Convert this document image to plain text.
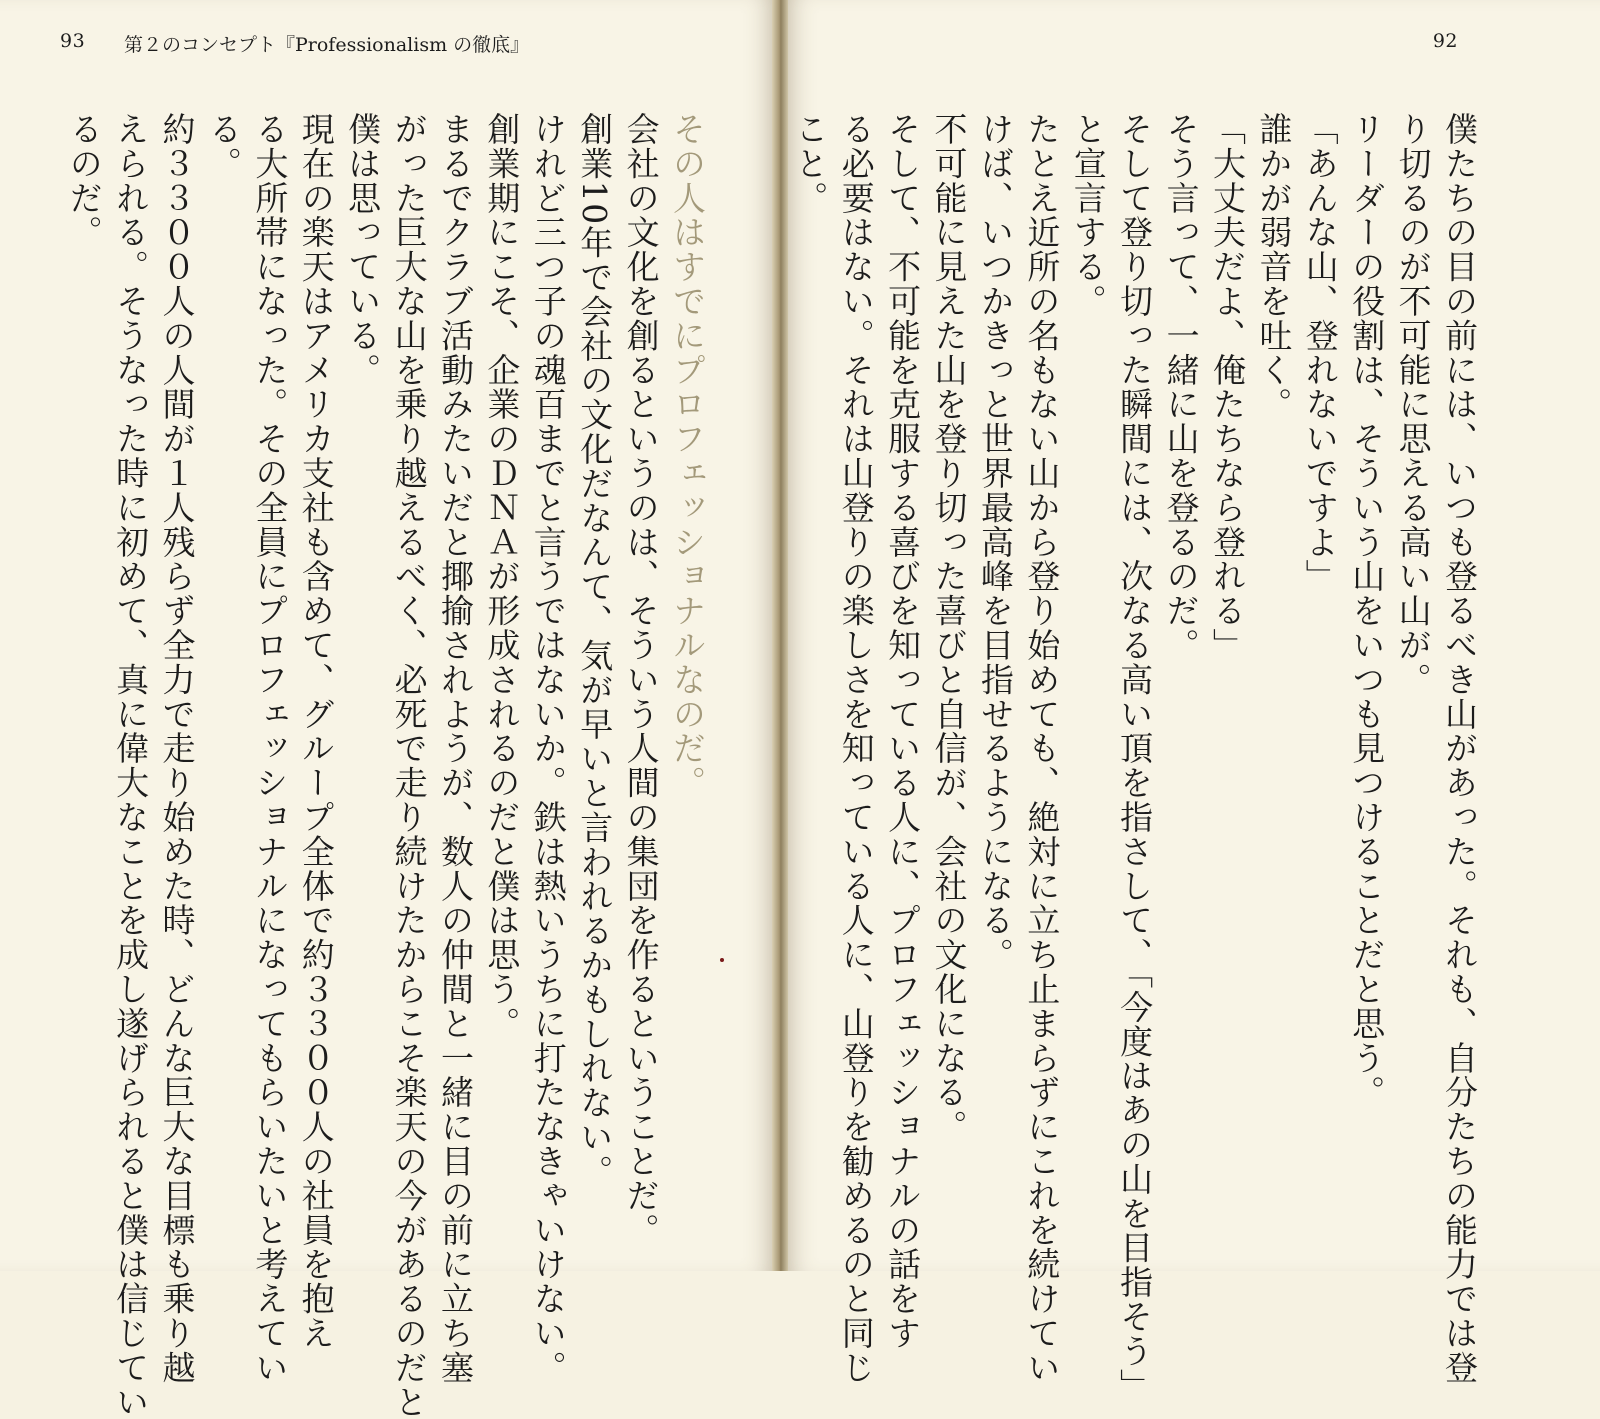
93 第２のコンセプト『Professionalism の徹底』

その人はすでにプロフェッショナルなのだ。

会社の文化を創るというのは、そういう人間の集団を作るということだ。

創業10年で会社の文化だなんて、気が早いと言われるかもしれない。

けれど三つ子の魂百までと言うではないか。鉄は熱いうちに打たなきゃいけない。

創業期にこそ、企業のＤＮＡが形成されるのだと僕は思う。

まるでクラブ活動みたいだと揶揄されようが、数人の仲間と一緒に目の前に立ち塞

がった巨大な山を乗り越えるべく、必死で走り続けたからこそ楽天の今があるのだと

僕は思っている。

現在の楽天はアメリカ支社も含めて、グループ全体で約３３００人の社員を抱え

る大所帯になった。その全員にプロフェッショナルになってもらいたいと考えてい

る。

約３３００人の人間が１人残らず全力で走り始めた時、どんな巨大な目標も乗り越

えられる。そうなった時に初めて、真に偉大なことを成し遂げられると僕は信じてい

るのだ。

92

僕たちの目の前には、いつも登るべき山があった。それも、自分たちの能力では登

り切るのが不可能に思える高い山が。

リーダーの役割は、そういう山をいつも見つけることだと思う。

「あんな山、登れないですよ」

誰かが弱音を吐く。

「大丈夫だよ、俺たちなら登れる」

そう言って、一緒に山を登るのだ。

そして登り切った瞬間には、次なる高い頂を指さして、「今度はあの山を目指そう」

と宣言する。

たとえ近所の名もない山から登り始めても、絶対に立ち止まらずにこれを続けてい

けば、いつかきっと世界最高峰を目指せるようになる。

不可能に見えた山を登り切った喜びと自信が、会社の文化になる。

そして、不可能を克服する喜びを知っている人に、プロフェッショナルの話をす

る必要はない。それは山登りの楽しさを知っている人に、山登りを勧めるのと同じ

こと。
